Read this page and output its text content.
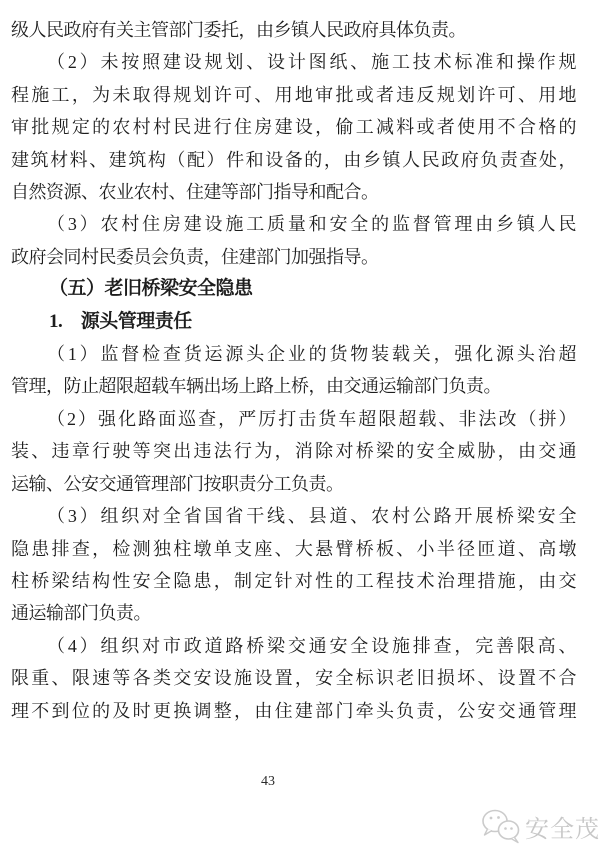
级人民政府有关主管部门委托，由乡镇人民政府具体负责。
（2）未按照建设规划、设计图纸、施工技术标准和操作规
程施工，为未取得规划许可、用地审批或者违反规划许可、用地
审批规定的农村村民进行住房建设，偷工减料或者使用不合格的
建筑材料、建筑构（配）件和设备的，由乡镇人民政府负责查处，
自然资源、农业农村、住建等部门指导和配合。
（3）农村住房建设施工质量和安全的监督管理由乡镇人民
政府会同村民委员会负责，住建部门加强指导。
（五）老旧桥梁安全隐患
1.　源头管理责任
（1）监督检查货运源头企业的货物装载关，强化源头治超
管理，防止超限超载车辆出场上路上桥，由交通运输部门负责。
（2）强化路面巡查，严厉打击货车超限超载、非法改（拼）
装、违章行驶等突出违法行为，消除对桥梁的安全威胁，由交通
运输、公安交通管理部门按职责分工负责。
（3）组织对全省国省干线、县道、农村公路开展桥梁安全
隐患排查，检测独柱墩单支座、大悬臂桥板、小半径匝道、高墩
柱桥梁结构性安全隐患，制定针对性的工程技术治理措施，由交
通运输部门负责。
（4）组织对市政道路桥梁交通安全设施排查，完善限高、
限重、限速等各类交安设施设置，安全标识老旧损坏、设置不合
理不到位的及时更换调整，由住建部门牵头负责，公安交通管理
43
安全茂
